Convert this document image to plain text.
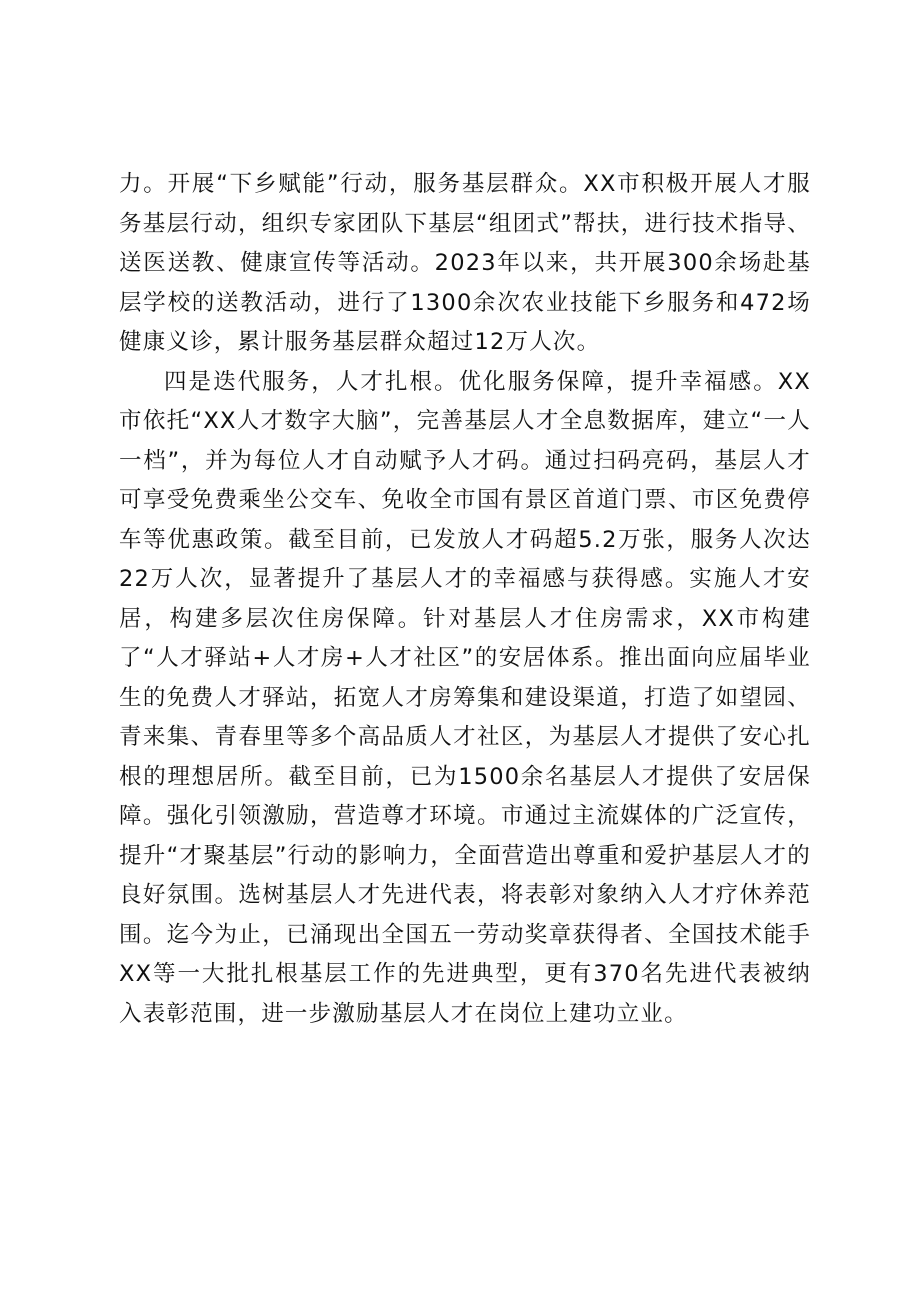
力。开展“下乡赋能”行动，服务基层群众。XX市积极开展人才服务基层行动，组织专家团队下基层“组团式”帮扶，进行技术指导、送医送教、健康宣传等活动。2023年以来，共开展300余场赴基层学校的送教活动，进行了1300余次农业技能下乡服务和472场健康义诊，累计服务基层群众超过12万人次。

四是迭代服务，人才扎根。优化服务保障，提升幸福感。XX市依托“XX人才数字大脑”，完善基层人才全息数据库，建立“一人一档”，并为每位人才自动赋予人才码。通过扫码亮码，基层人才可享受免费乘坐公交车、免收全市国有景区首道门票、市区免费停车等优惠政策。截至目前，已发放人才码超5.2万张，服务人次达22万人次，显著提升了基层人才的幸福感与获得感。实施人才安居，构建多层次住房保障。针对基层人才住房需求，XX市构建了“人才驿站+人才房+人才社区”的安居体系。推出面向应届毕业生的免费人才驿站，拓宽人才房筹集和建设渠道，打造了如望园、青来集、青春里等多个高品质人才社区，为基层人才提供了安心扎根的理想居所。截至目前，已为1500余名基层人才提供了安居保障。强化引领激励，营造尊才环境。市通过主流媒体的广泛宣传，提升“才聚基层”行动的影响力，全面营造出尊重和爱护基层人才的良好氛围。选树基层人才先进代表，将表彰对象纳入人才疗休养范围。迄今为止，已涌现出全国五一劳动奖章获得者、全国技术能手XX等一大批扎根基层工作的先进典型，更有370名先进代表被纳入表彰范围，进一步激励基层人才在岗位上建功立业。
